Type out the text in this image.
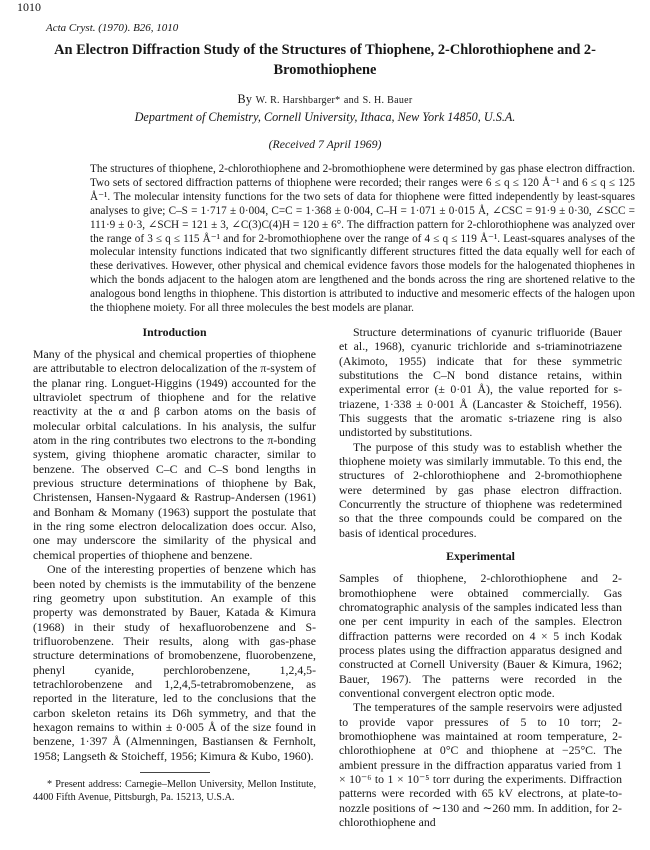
1010
Acta Cryst. (1970). B26, 1010
An Electron Diffraction Study of the Structures of Thiophene, 2-Chlorothiophene and 2-Bromothiophene
By W. R. Harshbarger* and S. H. Bauer
Department of Chemistry, Cornell University, Ithaca, New York 14850, U.S.A.
(Received 7 April 1969)
The structures of thiophene, 2-chlorothiophene and 2-bromothiophene were determined by gas phase electron diffraction. Two sets of sectored diffraction patterns of thiophene were recorded; their ranges were 6 ≤ q ≤ 120 Å⁻¹ and 6 ≤ q ≤ 125 Å⁻¹. The molecular intensity functions for the two sets of data for thiophene were fitted independently by least-squares analyses to give; C–S = 1·717 ± 0·004, C=C = 1·368 ± 0·004, C–H = 1·071 ± 0·015 Å, ∠CSC = 91·9 ± 0·30, ∠SCC = 111·9 ± 0·3, ∠SCH = 121 ± 3, ∠C(3)C(4)H = 120 ± 6°. The diffraction pattern for 2-chlorothiophene was analyzed over the range of 3 ≤ q ≤ 115 Å⁻¹ and for 2-bromothiophene over the range of 4 ≤ q ≤ 119 Å⁻¹. Least-squares analyses of the molecular intensity functions indicated that two significantly different structures fitted the data equally well for each of these derivatives. However, other physical and chemical evidence favors those models for the halogenated thiophenes in which the bonds adjacent to the halogen atom are lengthened and the bonds across the ring are shortened relative to the analogous bond lengths in thiophene. This distortion is attributed to inductive and mesomeric effects of the halogen upon the thiophene moiety. For all three molecules the best models are planar.
Introduction

Many of the physical and chemical properties of thiophene are attributable to electron delocalization of the π-system of the planar ring. Longuet-Higgins (1949) accounted for the ultraviolet spectrum of thiophene and for the relative reactivity at the α and β carbon atoms on the basis of molecular orbital calculations. In his analysis, the sulfur atom in the ring contributes two electrons to the π-bonding system, giving thiophene aromatic character, similar to benzene. The observed C–C and C–S bond lengths in previous structure determinations of thiophene by Bak, Christensen, Hansen-Nygaard & Rastrup-Andersen (1961) and Bonham & Momany (1963) support the postulate that in the ring some electron delocalization does occur. Also, one may underscore the similarity of the physical and chemical properties of thiophene and benzene.

One of the interesting properties of benzene which has been noted by chemists is the immutability of the benzene ring geometry upon substitution. An example of this property was demonstrated by Bauer, Katada & Kimura (1968) in their study of hexafluorobenzene and S-trifluorobenzene. Their results, along with gas-phase structure determinations of bromobenzene, fluorobenzene, phenyl cyanide, perchlorobenzene, 1,2,4,5-tetrachlorobenzene and 1,2,4,5-tetrabromobenzene, as reported in the literature, led to the conclusions that the carbon skeleton retains its D6h symmetry, and that the hexagon remains to within ± 0·005 Å of the size found in benzene, 1·397 Å (Almenningen, Bastiansen & Fernholt, 1958; Langseth & Stoicheff, 1956; Kimura & Kubo, 1960).

* Present address: Carnegie–Mellon University, Mellon Institute, 4400 Fifth Avenue, Pittsburgh, Pa. 15213, U.S.A.

Structure determinations of cyanuric trifluoride (Bauer et al., 1968), cyanuric trichloride and s-triaminotriazene (Akimoto, 1955) indicate that for these symmetric substitutions the C–N bond distance retains, within experimental error (± 0·01 Å), the value reported for s-triazene, 1·338 ± 0·001 Å (Lancaster & Stoicheff, 1956). This suggests that the aromatic s-triazene ring is also undistorted by substitutions.

The purpose of this study was to establish whether the thiophene moiety was similarly immutable. To this end, the structures of 2-chlorothiophene and 2-bromothiophene were determined by gas phase electron diffraction. Concurrently the structure of thiophene was redetermined so that the three compounds could be compared on the basis of identical procedures.

Experimental

Samples of thiophene, 2-chlorothiophene and 2-bromothiophene were obtained commercially. Gas chromatographic analysis of the samples indicated less than one per cent impurity in each of the samples. Electron diffraction patterns were recorded on 4 × 5 inch Kodak process plates using the diffraction apparatus designed and constructed at Cornell University (Bauer & Kimura, 1962; Bauer, 1967). The patterns were recorded in the conventional convergent electron optic mode.

The temperatures of the sample reservoirs were adjusted to provide vapor pressures of 5 to 10 torr; 2-bromothiophene was maintained at room temperature, 2-chlorothiophene at 0°C and thiophene at −25°C. The ambient pressure in the diffraction apparatus varied from 1 × 10⁻⁶ to 1 × 10⁻⁵ torr during the experiments. Diffraction patterns were recorded with 65 kV electrons, at plate-to-nozzle positions of ∼130 and ∼260 mm. In addition, for 2-chlorothiophene and
